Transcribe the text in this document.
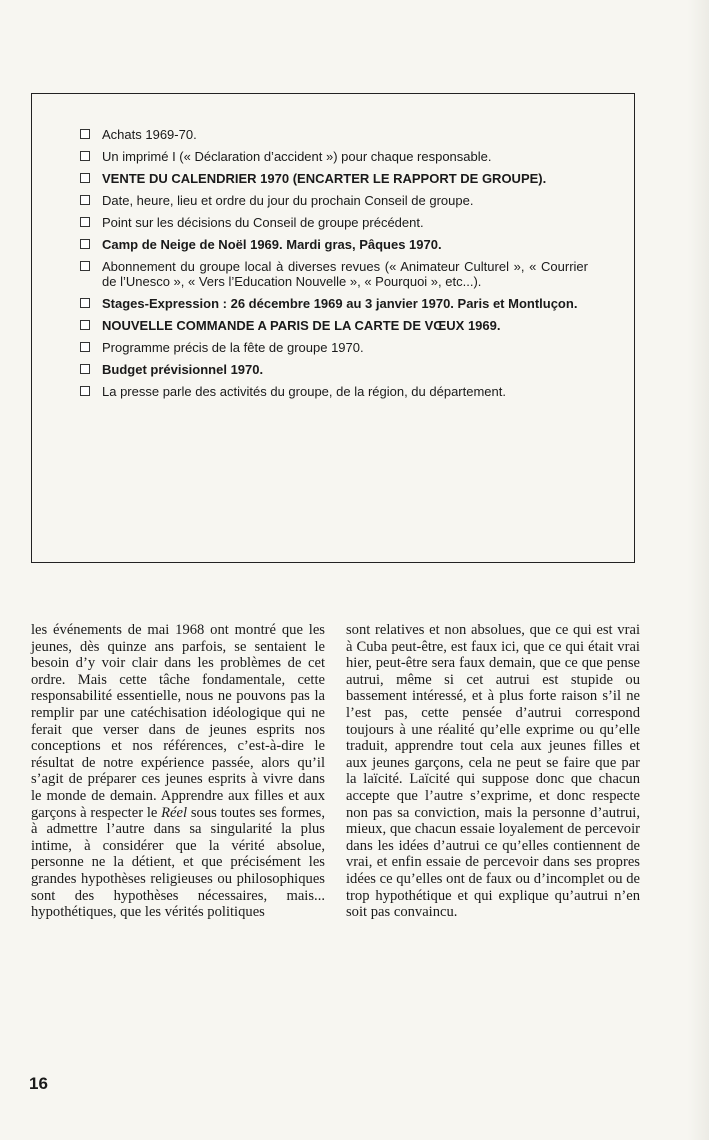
Achats 1969-70.
Un imprimé I (« Déclaration d’accident ») pour chaque responsable.
VENTE DU CALENDRIER 1970 (ENCARTER LE RAPPORT DE GROUPE).
Date, heure, lieu et ordre du jour du prochain Conseil de groupe.
Point sur les décisions du Conseil de groupe précédent.
Camp de Neige de Noël 1969. Mardi gras, Pâques 1970.
Abonnement du groupe local à diverses revues (« Animateur Culturel », « Courrier de l’Unesco », « Vers l’Education Nouvelle », « Pourquoi », etc...).
Stages-Expression : 26 décembre 1969 au 3 janvier 1970. Paris et Montluçon.
NOUVELLE COMMANDE A PARIS DE LA CARTE DE VŒUX 1969.
Programme précis de la fête de groupe 1970.
Budget prévisionnel 1970.
La presse parle des activités du groupe, de la région, du département.

les événements de mai 1968 ont montré que les jeunes, dès quinze ans parfois, se sentaient le besoin d’y voir clair dans les problèmes de cet ordre. Mais cette tâche fondamentale, cette responsabilité essentielle, nous ne pouvons pas la remplir par une catéchisation idéologique qui ne ferait que verser dans de jeunes esprits nos conceptions et nos références, c’est-à-dire le résultat de notre expérience passée, alors qu’il s’agit de préparer ces jeunes esprits à vivre dans le monde de demain. Apprendre aux filles et aux garçons à respecter le Réel sous toutes ses formes, à admettre l’autre dans sa singularité la plus intime, à considérer que la vérité absolue, personne ne la détient, et que précisément les grandes hypothèses religieuses ou philosophiques sont des hypothèses nécessaires, mais... hypothétiques, que les vérités politiques

sont relatives et non absolues, que ce qui est vrai à Cuba peut-être, est faux ici, que ce qui était vrai hier, peut-être sera faux demain, que ce que pense autrui, même si cet autrui est stupide ou bassement intéressé, et à plus forte raison s’il ne l’est pas, cette pensée d’autrui correspond toujours à une réalité qu’elle exprime ou qu’elle traduit, apprendre tout cela aux jeunes filles et aux jeunes garçons, cela ne peut se faire que par la laïcité. Laïcité qui suppose donc que chacun accepte que l’autre s’exprime, et donc respecte non pas sa conviction, mais la personne d’autrui, mieux, que chacun essaie loyalement de percevoir dans les idées d’autrui ce qu’elles contiennent de vrai, et enfin essaie de percevoir dans ses propres idées ce qu’elles ont de faux ou d’incomplet ou de trop hypothétique et qui explique qu’autrui n’en soit pas convaincu.

16
